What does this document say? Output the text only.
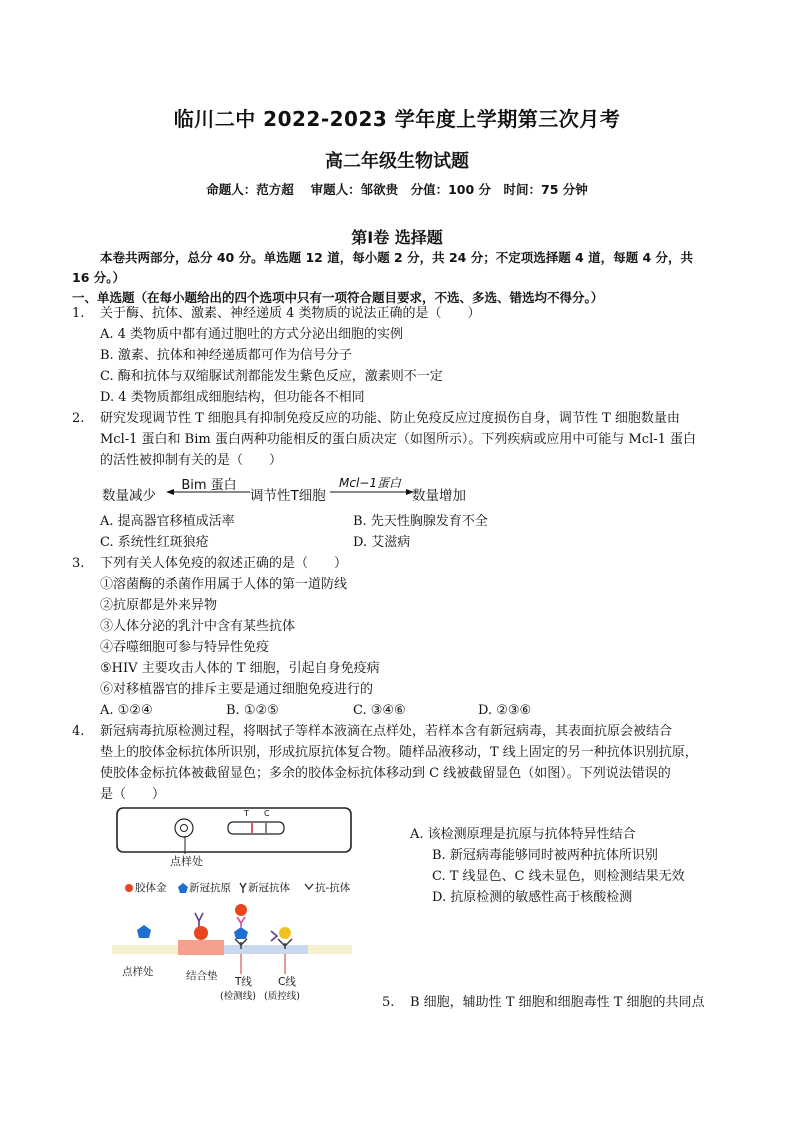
临川二中 2022-2023 学年度上学期第三次月考
高二年级生物试题
命题人：范方超　 审题人：邹欲贵　分值：100 分　时间：75 分钟
第Ⅰ卷 选择题
本卷共两部分，总分 40 分。单选题 12 道，每小题 2 分，共 24 分；不定项选择题 4 道，每题 4 分，共
16 分。）
一、单选题（在每小题给出的四个选项中只有一项符合题目要求，不选、多选、错选均不得分。）
1. 关于酶、抗体、激素、神经递质 4 类物质的说法正确的是（　　）
A. 4 类物质中都有通过胞吐的方式分泌出细胞的实例
B. 激素、抗体和神经递质都可作为信号分子
C. 酶和抗体与双缩脲试剂都能发生紫色反应，激素则不一定
D. 4 类物质都组成细胞结构，但功能各不相同
2. 研究发现调节性 T 细胞具有抑制免疫反应的功能、防止免疫反应过度损伤自身，调节性 T 细胞数量由
Mcl-1 蛋白和 Bim 蛋白两种功能相反的蛋白质决定（如图所示）。下列疾病或应用中可能与 Mcl-1 蛋白
的活性被抑制有关的是（　　）
数量减少
Bim 蛋白
调节性T细胞
Mcl−1蛋白
数量增加
A. 提高器官移植成活率	B. 先天性胸腺发育不全
C. 系统性红斑狼疮	D. 艾滋病
3. 下列有关人体免疫的叙述正确的是（　　）
①溶菌酶的杀菌作用属于人体的第一道防线
②抗原都是外来异物
③人体分泌的乳汁中含有某些抗体
④吞噬细胞可参与特异性免疫
⑤HIV 主要攻击人体的 T 细胞，引起自身免疫病
⑥对移植器官的排斥主要是通过细胞免疫进行的
A. ①②④	B. ①②⑤	C. ③④⑥	D. ②③⑥
4. 新冠病毒抗原检测过程，将咽拭子等样本液滴在点样处，若样本含有新冠病毒，其表面抗原会被结合
垫上的胶体金标抗体所识别，形成抗原抗体复合物。随样品液移动，T 线上固定的另一种抗体识别抗原，
使胶体金标抗体被截留显色；多余的胶体金标抗体移动到 C 线被截留显色（如图）。下列说法错误的
是（　　）
T C
点样处
胶体金 新冠抗原 新冠抗体 抗-抗体
点样处	结合垫 T线
(检测线)
C线
(质控线)
A. 该检测原理是抗原与抗体特异性结合
B. 新冠病毒能够同时被两种抗体所识别
C. T 线显色、C 线未显色，则检测结果无效
D. 抗原检测的敏感性高于核酸检测
5. B 细胞，辅助性 T 细胞和细胞毒性 T 细胞的共同点
